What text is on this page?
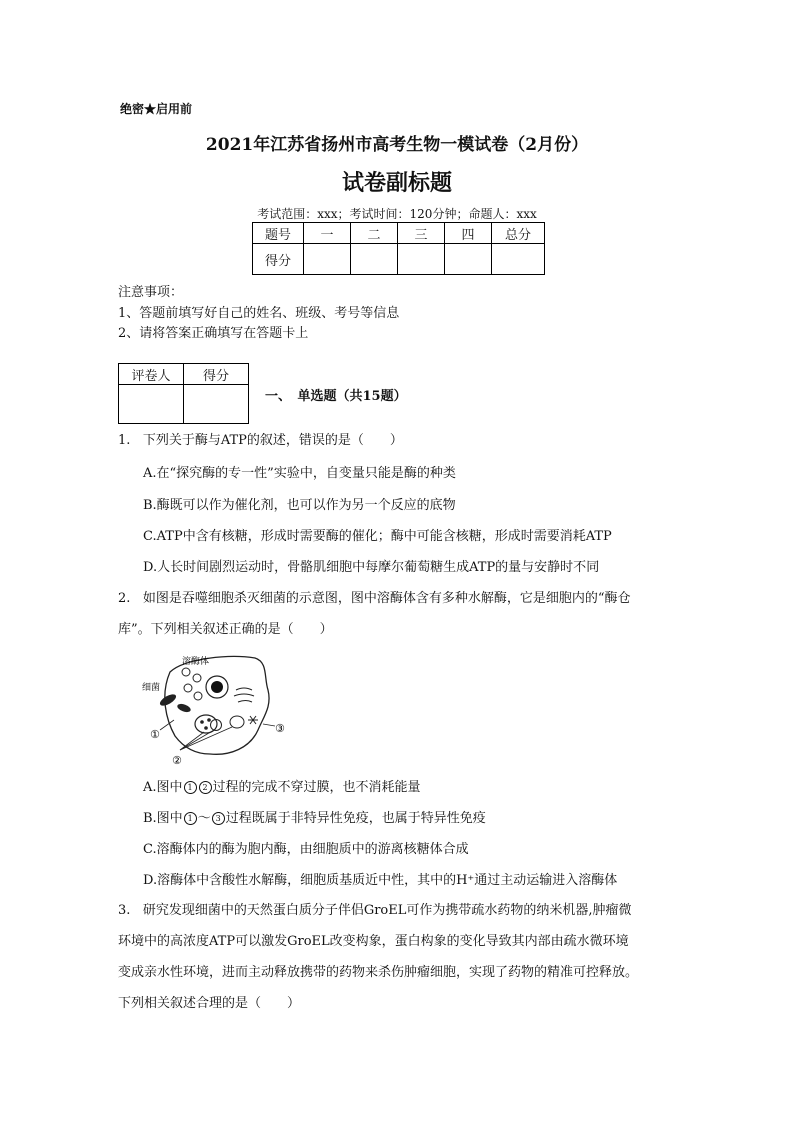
绝密★启用前
2021年江苏省扬州市高考生物一模试卷（2月份）
试卷副标题
考试范围：xxx；考试时间：120分钟；命题人：xxx
题号	一	二	三	四	总分
得分					
注意事项：
1、答题前填写好自己的姓名、班级、考号等信息
2、请将答案正确填写在答题卡上
评卷人	得分

一、　单选题（共15题）
1. 下列关于酶与ATP的叙述，错误的是（　　）
A.在“探究酶的专一性”实验中，自变量只能是酶的种类
B.酶既可以作为催化剂，也可以作为另一个反应的底物
C.ATP中含有核糖，形成时需要酶的催化；酶中可能含核糖，形成时需要消耗ATP
D.人长时间剧烈运动时，骨骼肌细胞中每摩尔葡萄糖生成ATP的量与安静时不同
2. 如图是吞噬细胞杀灭细菌的示意图，图中溶酶体含有多种水解酶，它是细胞内的“酶仓
库”。下列相关叙述正确的是（　　）
溶酶体
细菌
①
②
③
A.图中 1 2 过程的完成不穿过膜，也不消耗能量
B.图中 1 ～ 3 过程既属于非特异性免疫，也属于特异性免疫
C.溶酶体内的酶为胞内酶，由细胞质中的游离核糖体合成
D.溶酶体中含酸性水解酶，细胞质基质近中性，其中的H⁺通过主动运输进入溶酶体
3. 研究发现细菌中的天然蛋白质分子伴侣GroEL可作为携带疏水药物的纳米机器,肿瘤微
环境中的高浓度ATP可以激发GroEL改变构象，蛋白构象的变化导致其内部由疏水微环境
变成亲水性环境，进而主动释放携带的药物来杀伤肿瘤细胞，实现了药物的精准可控释放。
下列相关叙述合理的是（　　）
